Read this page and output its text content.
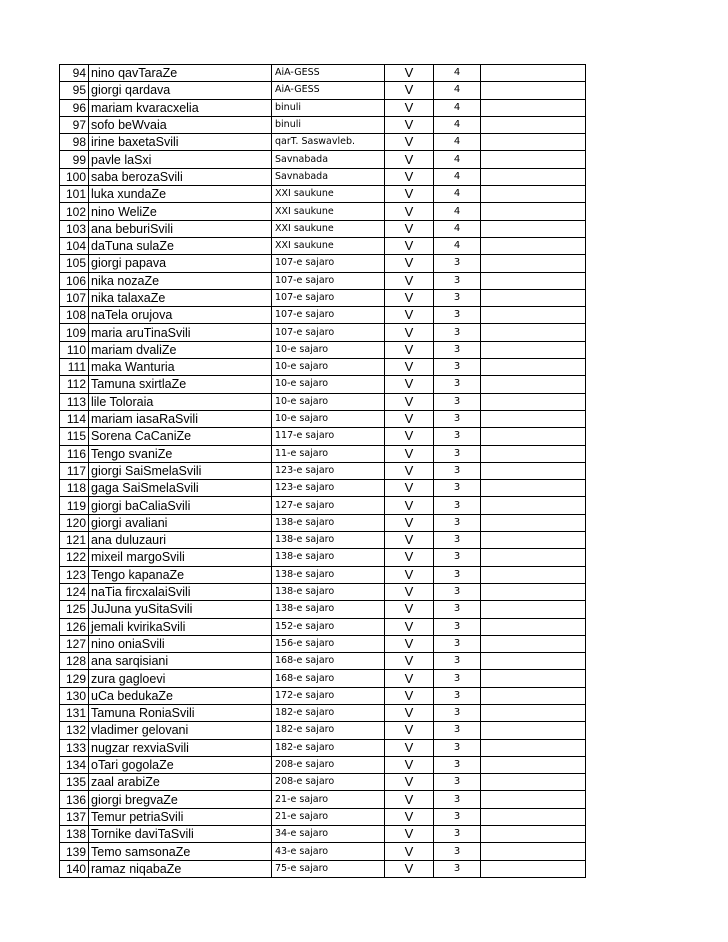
94	nino qavTaraZe	AiA-GESS	V	4	
95	giorgi qardava	AiA-GESS	V	4	
96	mariam kvaracxelia	binuli	V	4	
97	sofo beWvaia	binuli	V	4	
98	irine baxetaSvili	qarT. Saswavleb.	V	4	
99	pavle laSxi	Savnabada	V	4	
100	saba berozaSvili	Savnabada	V	4	
101	luka xundaZe	XXI saukune	V	4	
102	nino WeliZe	XXI saukune	V	4	
103	ana beburiSvili	XXI saukune	V	4	
104	daTuna sulaZe	XXI saukune	V	4	
105	giorgi papava	107-e sajaro	V	3	
106	nika nozaZe	107-e sajaro	V	3	
107	nika talaxaZe	107-e sajaro	V	3	
108	naTela orujova	107-e sajaro	V	3	
109	maria aruTinaSvili	107-e sajaro	V	3	
110	mariam dvaliZe	10-e sajaro	V	3	
111	maka Wanturia	10-e sajaro	V	3	
112	Tamuna sxirtlaZe	10-e sajaro	V	3	
113	lile Toloraia	10-e sajaro	V	3	
114	mariam iasaRaSvili	10-e sajaro	V	3	
115	Sorena CaCaniZe	117-e sajaro	V	3	
116	Tengo svaniZe	11-e sajaro	V	3	
117	giorgi SaiSmelaSvili	123-e sajaro	V	3	
118	gaga SaiSmelaSvili	123-e sajaro	V	3	
119	giorgi baCaliaSvili	127-e sajaro	V	3	
120	giorgi avaliani	138-e sajaro	V	3	
121	ana duluzauri	138-e sajaro	V	3	
122	mixeil margoSvili	138-e sajaro	V	3	
123	Tengo kapanaZe	138-e sajaro	V	3	
124	naTia fircxalaiSvili	138-e sajaro	V	3	
125	JuJuna yuSitaSvili	138-e sajaro	V	3	
126	jemali kvirikaSvili	152-e sajaro	V	3	
127	nino oniaSvili	156-e sajaro	V	3	
128	ana sarqisiani	168-e sajaro	V	3	
129	zura gagloevi	168-e sajaro	V	3	
130	uCa bedukaZe	172-e sajaro	V	3	
131	Tamuna RoniaSvili	182-e sajaro	V	3	
132	vladimer gelovani	182-e sajaro	V	3	
133	nugzar rexviaSvili	182-e sajaro	V	3	
134	oTari gogolaZe	208-e sajaro	V	3	
135	zaal arabiZe	208-e sajaro	V	3	
136	giorgi bregvaZe	21-e sajaro	V	3	
137	Temur petriaSvili	21-e sajaro	V	3	
138	Tornike daviTaSvili	34-e sajaro	V	3	
139	Temo samsonaZe	43-e sajaro	V	3	
140	ramaz niqabaZe	75-e sajaro	V	3	
